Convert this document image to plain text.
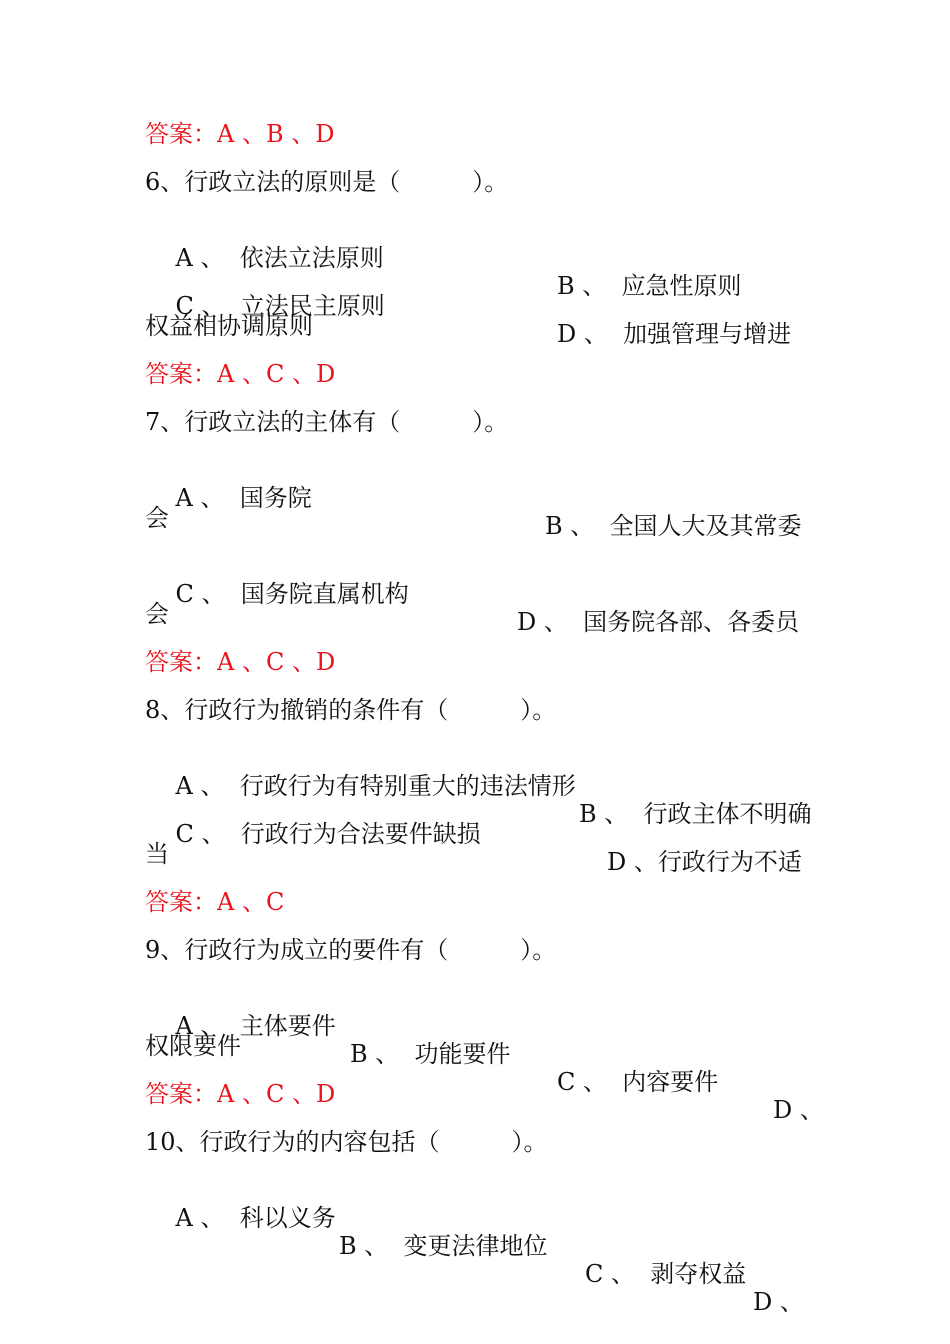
答案：A 、B 、D
6、行政立法的原则是（　　　）。

A 、  依法立法原则

B 、  应急性原则

C 、  立法民主原则

D 、  加强管理与增进

权益相协调原则
答案：A 、C 、D
7、行政立法的主体有（　　　）。

A 、  国务院

B 、  全国人大及其常委

会

C 、  国务院直属机构

D 、  国务院各部、各委员

会
答案：A 、C 、D
8、行政行为撤销的条件有（　　　）。

A 、  行政行为有特别重大的违法情形

B 、  行政主体不明确

C 、  行政行为合法要件缺损

D 、行政行为不适

当
答案：A 、C
9、行政行为成立的要件有（　　　）。

A 、  主体要件

B 、  功能要件

C 、  内容要件

D 、

权限要件
答案：A 、C 、D
10、行政行为的内容包括（　　　）。

A 、  科以义务

B 、  变更法律地位

C 、  剥夺权益

D 、
